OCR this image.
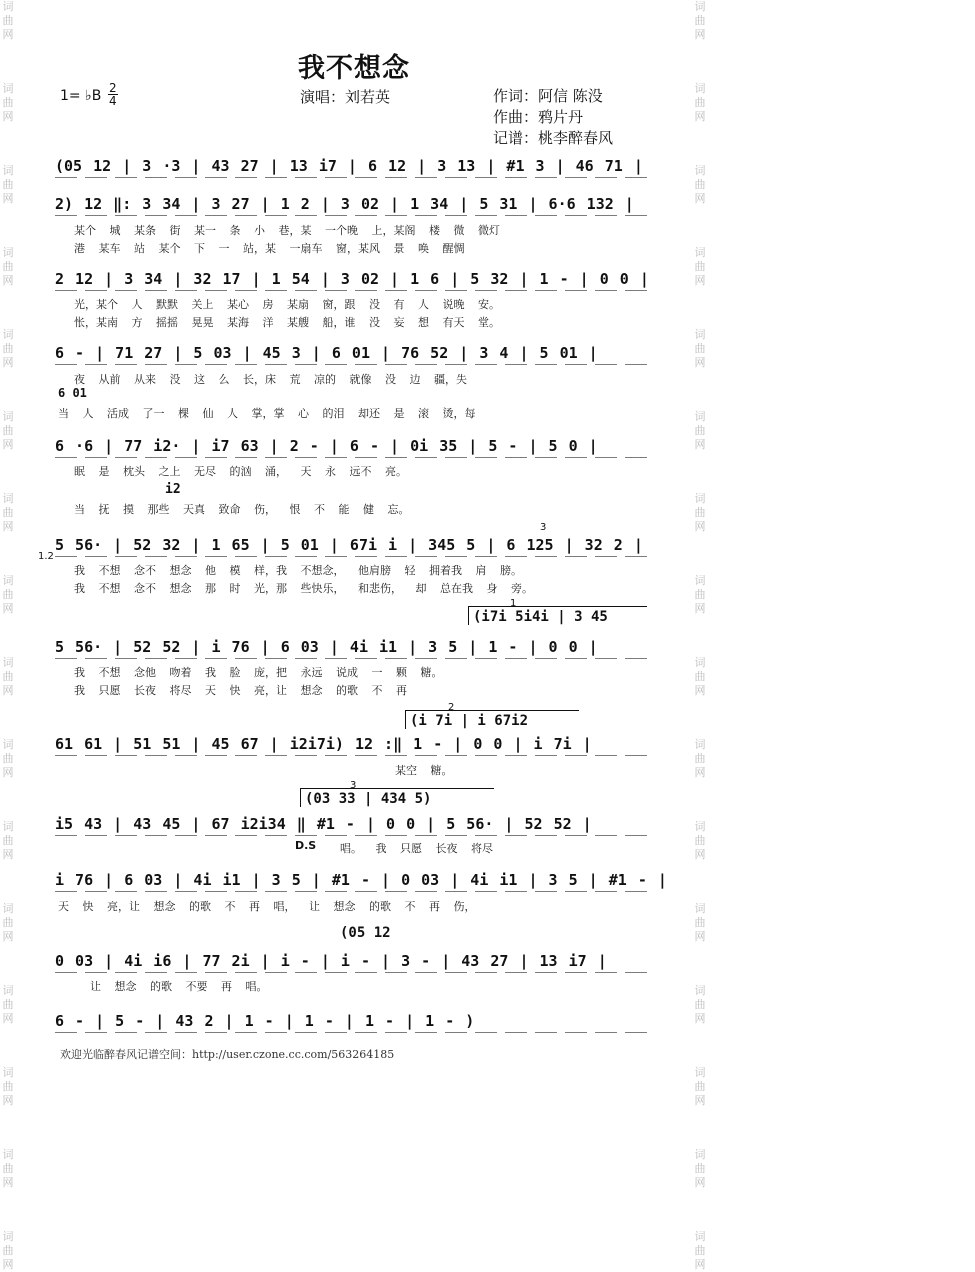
词曲网
词曲网
词曲网
词曲网
词曲网
词曲网
词曲网
词曲网
词曲网
词曲网
词曲网
词曲网
词曲网
词曲网
词曲网
词曲网
词曲网
词曲网
词曲网
词曲网
词曲网
词曲网
词曲网
词曲网
词曲网
词曲网
词曲网
词曲网
词曲网
词曲网
词曲网
词曲网
我不想念
1= ♭B 2
4	演唱：刘若英	作词：阿信 陈没
作曲：鸦片丹
记谱：桃李醉春风
(05 12 | 3 ·3 | 43 27 | 13 i7 | 6 12 | 3 13 | #1 3 | 46 71 |
2) 12 ‖: 3 34 | 3 27 | 1 2 | 3 02 | 1 34 | 5 31 | 6·6 132 |
某个 城 某条 街 某一 条 小 巷，某 一个晚 上，某阁 楼 微 微灯
港 某车 站 某个 下 一 站，某 一扇车 窗，某风 景 唤 醒惆
2 12 | 3 34 | 32 17 | 1 54 | 3 02 | 1 6 | 5 32 | 1 - | 0 0 |
光，某个 人 默默 关上 某心 房 某扇 窗，跟 没 有 人 说晚 安。
怅，某南 方 摇摇 晃晃 某海 洋 某艘 船，谁 没 妄 想 有天 堂。
6 - | 71 27 | 5 03 | 45 3 | 6 01 | 76 52 | 3 4 | 5 01 |
夜 从前 从来 没 这 么 长，床 荒 凉的 就像 没 边 疆，失
6 01
当 人 活成 了一 棵 仙 人 掌，掌 心 的泪 却还 是 滚 烫，每
6 ·6 | 77 i2· | i7 63 | 2 - | 6 - | 0i 35 | 5 - | 5 0 |
眠 是 枕头 之上 无尽 的汹 涌， 天 永 远不 亮。
i2
当 抚 摸 那些 天真 致命 伤， 恨 不 能 健 忘。
1.2
3
5 56· | 52 32 | 1 65 | 5 01 | 67i i | 345 5 | 6 125 | 32 2 |
我 不想 念不 想念 他 模 样，我 不想念， 他肩膀 轻 拥着我 肩 膀。
我 不想 念不 想念 那 时 光，那 些快乐， 和悲伤， 却 总在我 身 旁。
1
(i7i 5i4i | 3 45
5 56· | 52 52 | i 76 | 6 03 | 4i i1 | 3 5 | 1 - | 0 0 |
我 不想 念他 吻着 我 脸 庞，把 永远 说成 一 颗 糖。
我 只愿 长夜 将尽 天 快 亮，让 想念 的歌 不 再
2
(i 7i | i 67i2
61 61 | 51 51 | 45 67 | i2i7i) 12 :‖ 1 - | 0 0 | i 7i |
某空 糖。
3
(03 33 | 434 5)
i5 43 | 43 45 | 67 i2i34 ‖ #1 - | 0 0 | 5 56· | 52 52 |
D.S 唱。 我 只愿 长夜 将尽
i 76 | 6 03 | 4i i1 | 3 5 | #1 - | 0 03 | 4i i1 | 3 5 | #1 - |
天 快 亮，让 想念 的歌 不 再 唱， 让 想念 的歌 不 再 伤，
(05 12
0 03 | 4i i6 | 77 2i | i - | i - | 3 - | 43 27 | 13 i7 |
让 想念 的歌 不要 再 唱。
6 - | 5 - | 43 2 | 1 - | 1 - | 1 - | 1 - )
欢迎光临醉春风记谱空间：http://user.czone.cc.com/563264185
